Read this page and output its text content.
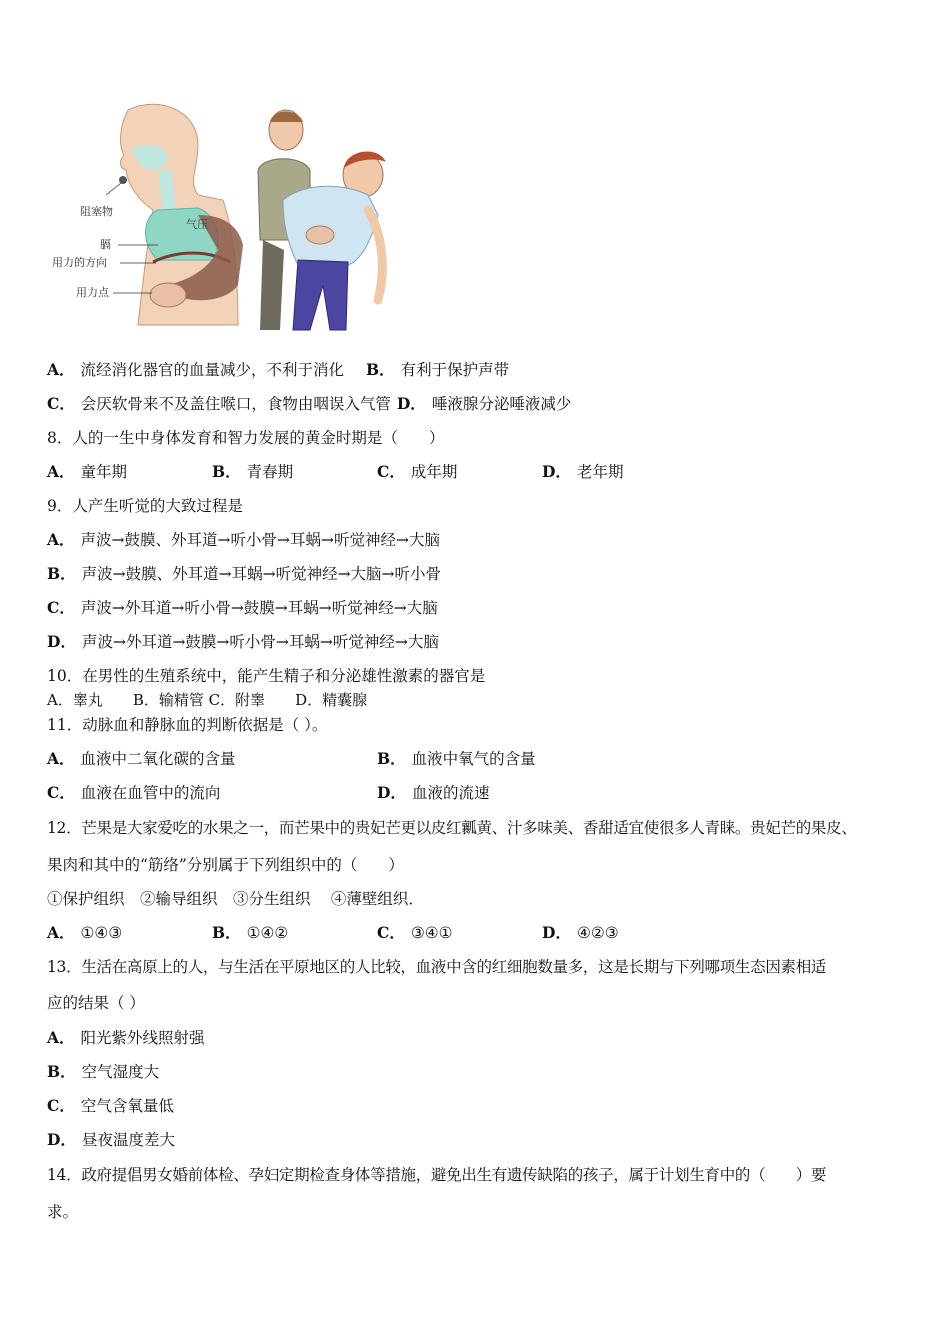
阻塞物
气压
膈
用力的方向
用力点
A． 流经消化器官的血量减少，不利于消化 B． 有利于保护声带
C． 会厌软骨来不及盖住喉口，食物由咽误入气管 D． 唾液腺分泌唾液减少
8．人的一生中身体发育和智力发展的黄金时期是（　　）
A． 童年期	B． 青春期	C． 成年期	D． 老年期
9．人产生听觉的大致过程是
A． 声波→鼓膜、外耳道→听小骨→耳蜗→听觉神经→大脑
B． 声波→鼓膜、外耳道→耳蜗→听觉神经→大脑→听小骨
C． 声波→外耳道→听小骨→鼓膜→耳蜗→听觉神经→大脑
D． 声波→外耳道→鼓膜→听小骨→耳蜗→听觉神经→大脑
10．在男性的生殖系统中，能产生精子和分泌雄性激素的器官是
A．睾丸　　B．输精管 C．附睾　　D．精囊腺
11．动脉血和静脉血的判断依据是（ ）。
A． 血液中二氧化碳的含量	B． 血液中氧气的含量
C． 血液在血管中的流向	D． 血液的流速
12．芒果是大家爱吃的水果之一，而芒果中的贵妃芒更以皮红瓤黄、汁多味美、香甜适宜使很多人青睐。贵妃芒的果皮、
果肉和其中的“筋络”分别属于下列组织中的（　　）
①保护组织　②输导组织　③分生组织　 ④薄壁组织．
A． ①④③	B． ①④②	C． ③④①	D． ④②③
13．生活在高原上的人，与生活在平原地区的人比较，血液中含的红细胞数量多，这是长期与下列哪项生态因素相适
应的结果（ ）
A． 阳光紫外线照射强
B． 空气湿度大
C． 空气含氧量低
D． 昼夜温度差大
14．政府提倡男女婚前体检、孕妇定期检查身体等措施，避免出生有遗传缺陷的孩子，属于计划生育中的（　　）要
求。
